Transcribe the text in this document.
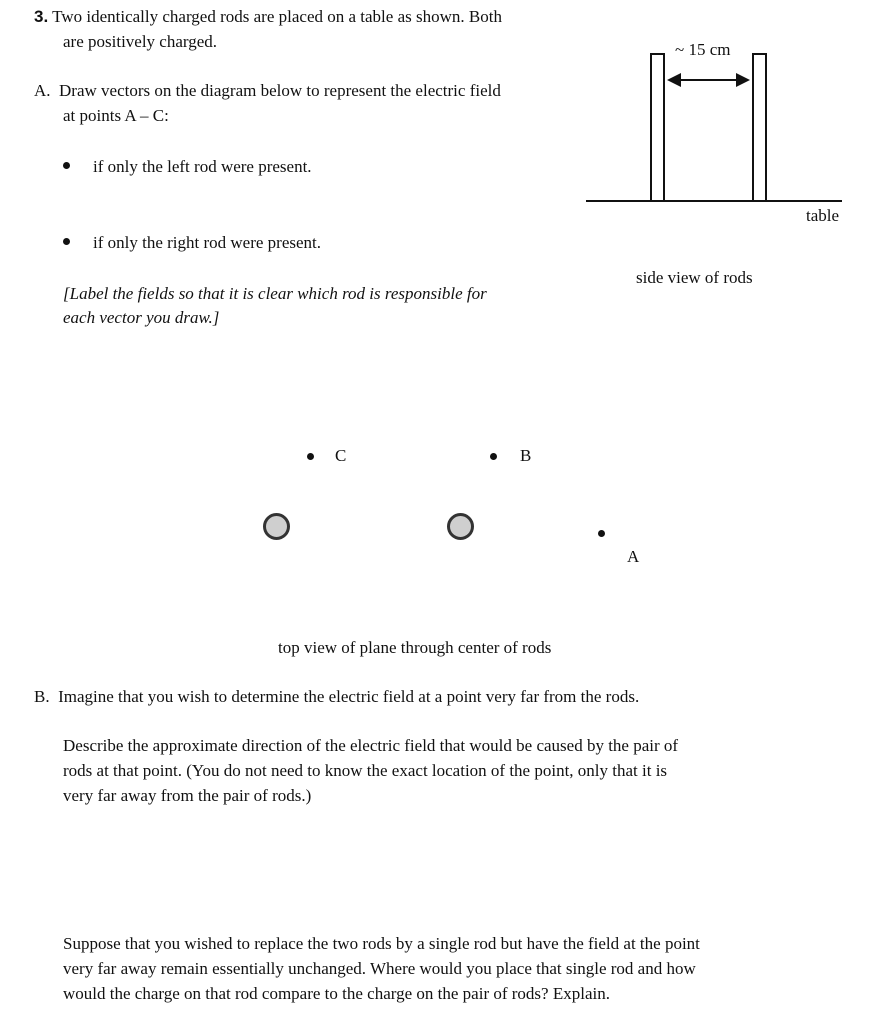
3. Two identically charged rods are placed on a table as shown. Both

are positively charged.

A. Draw vectors on the diagram below to represent the electric field

at points A – C:

if only the left rod were present.

if only the right rod were present.

[Label the fields so that it is clear which rod is responsible for

each vector you draw.]

~ 15 cm

table

side view of rods

C	B
A

top view of plane through center of rods

B. Imagine that you wish to determine the electric field at a point very far from the rods.

Describe the approximate direction of the electric field that would be caused by the pair of

rods at that point. (You do not need to know the exact location of the point, only that it is

very far away from the pair of rods.)

Suppose that you wished to replace the two rods by a single rod but have the field at the point

very far away remain essentially unchanged. Where would you place that single rod and how

would the charge on that rod compare to the charge on the pair of rods? Explain.
